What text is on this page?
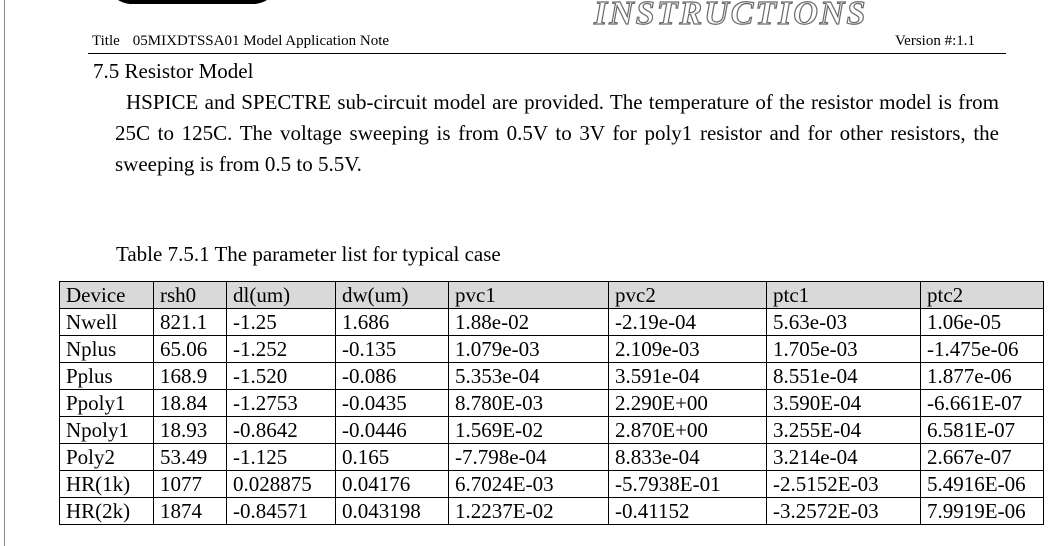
INSTRUCTIONS
Title 05MIXDTSSA01 Model Application Note	Version #:1.1
7.5 Resistor Model

HSPICE and SPECTRE sub-circuit model are provided. The temperature of the resistor model is from 25C to 125C. The voltage sweeping is from 0.5V to 3V for poly1 resistor and for other resistors, the sweeping is from 0.5 to 5.5V.

Table 7.5.1 The parameter list for typical case
Device	rsh0	dl(um)	dw(um)	pvc1	pvc2	ptc1	ptc2
Nwell	821.1	-1.25	1.686	1.88e-02	-2.19e-04	5.63e-03	1.06e-05
Nplus	65.06	-1.252	-0.135	1.079e-03	2.109e-03	1.705e-03	-1.475e-06
Pplus	168.9	-1.520	-0.086	5.353e-04	3.591e-04	8.551e-04	1.877e-06
Ppoly1	18.84	-1.2753	-0.0435	8.780E-03	2.290E+00	3.590E-04	-6.661E-07
Npoly1	18.93	-0.8642	-0.0446	1.569E-02	2.870E+00	3.255E-04	6.581E-07
Poly2	53.49	-1.125	0.165	-7.798e-04	8.833e-04	3.214e-04	2.667e-07
HR(1k)	1077	0.028875	0.04176	6.7024E-03	-5.7938E-01	-2.5152E-03	5.4916E-06
HR(2k)	1874	-0.84571	0.043198	1.2237E-02	-0.41152	-3.2572E-03	7.9919E-06
